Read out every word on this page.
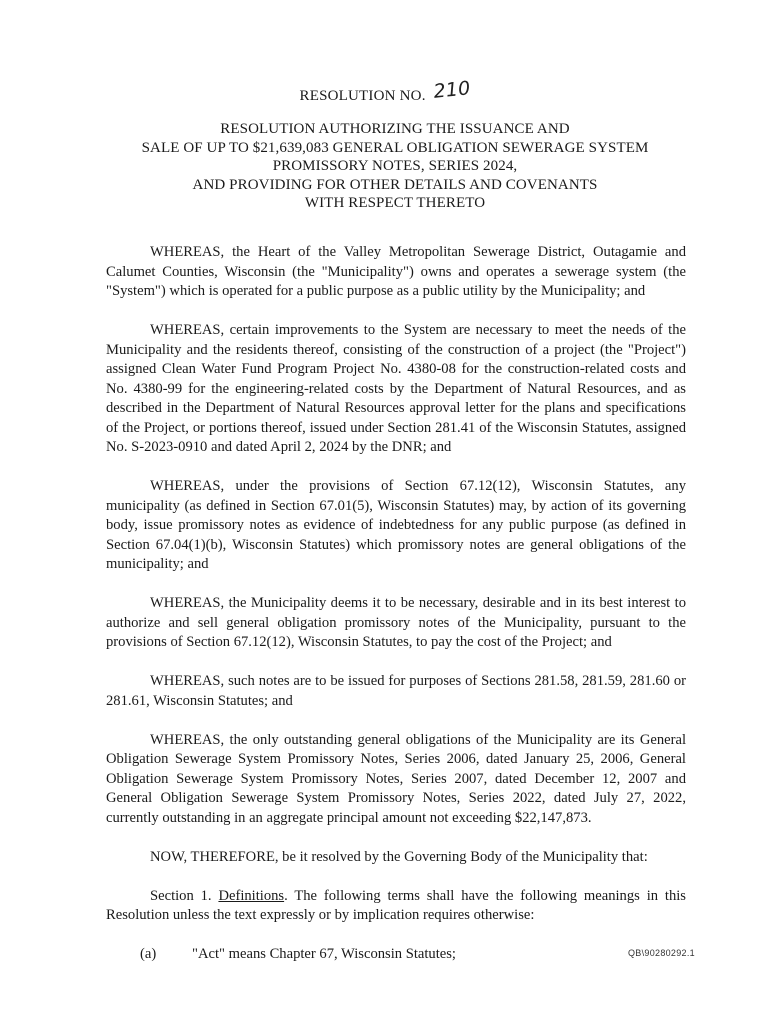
RESOLUTION NO. 210
RESOLUTION AUTHORIZING THE ISSUANCE AND
SALE OF UP TO $21,639,083 GENERAL OBLIGATION SEWERAGE SYSTEM
PROMISSORY NOTES, SERIES 2024,
AND PROVIDING FOR OTHER DETAILS AND COVENANTS
WITH RESPECT THERETO

WHEREAS, the Heart of the Valley Metropolitan Sewerage District, Outagamie and Calumet Counties, Wisconsin (the "Municipality") owns and operates a sewerage system (the "System") which is operated for a public purpose as a public utility by the Municipality; and

WHEREAS, certain improvements to the System are necessary to meet the needs of the Municipality and the residents thereof, consisting of the construction of a project (the "Project") assigned Clean Water Fund Program Project No. 4380-08 for the construction-related costs and No. 4380-99 for the engineering-related costs by the Department of Natural Resources, and as described in the Department of Natural Resources approval letter for the plans and specifications of the Project, or portions thereof, issued under Section 281.41 of the Wisconsin Statutes, assigned No. S-2023-0910 and dated April 2, 2024 by the DNR; and

WHEREAS, under the provisions of Section 67.12(12), Wisconsin Statutes, any municipality (as defined in Section 67.01(5), Wisconsin Statutes) may, by action of its governing body, issue promissory notes as evidence of indebtedness for any public purpose (as defined in Section 67.04(1)(b), Wisconsin Statutes) which promissory notes are general obligations of the municipality; and

WHEREAS, the Municipality deems it to be necessary, desirable and in its best interest to authorize and sell general obligation promissory notes of the Municipality, pursuant to the provisions of Section 67.12(12), Wisconsin Statutes, to pay the cost of the Project; and

WHEREAS, such notes are to be issued for purposes of Sections 281.58, 281.59, 281.60 or 281.61, Wisconsin Statutes; and

WHEREAS, the only outstanding general obligations of the Municipality are its General Obligation Sewerage System Promissory Notes, Series 2006, dated January 25, 2006, General Obligation Sewerage System Promissory Notes, Series 2007, dated December 12, 2007 and General Obligation Sewerage System Promissory Notes, Series 2022, dated July 27, 2022, currently outstanding in an aggregate principal amount not exceeding $22,147,873.

NOW, THEREFORE, be it resolved by the Governing Body of the Municipality that:

Section 1. Definitions. The following terms shall have the following meanings in this Resolution unless the text expressly or by implication requires otherwise:

(a) "Act" means Chapter 67, Wisconsin Statutes;	QB\90280292.1
